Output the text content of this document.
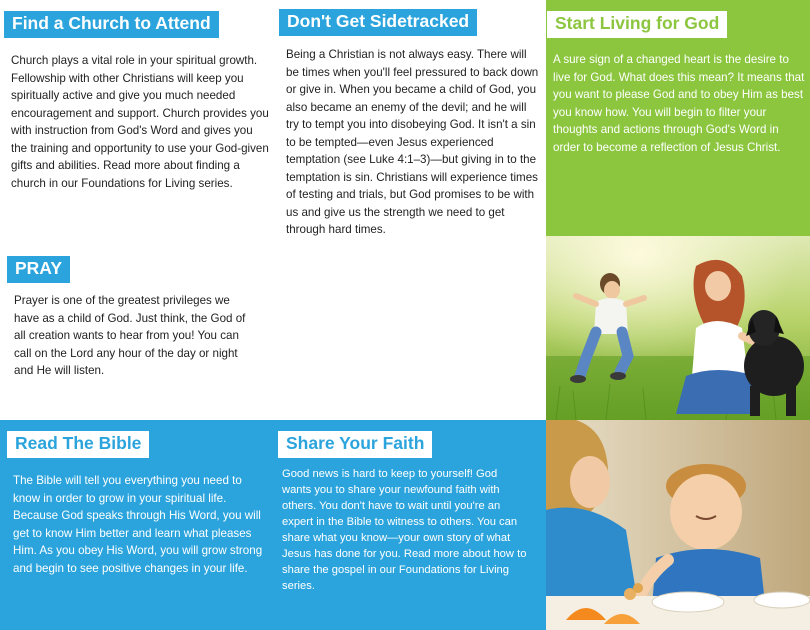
Find a Church to Attend
Church plays a vital role in your spiritual growth. Fellowship with other Christians will keep you spiritually active and give you much needed encouragement and support. Church provides you with instruction from God's Word and gives you the training and opportunity to use your God-given gifts and abilities. Read more about finding a church in our Foundations for Living series.
PRAY
Prayer is one of the greatest privileges we have as a child of God. Just think, the God of all creation wants to hear from you! You can call on the Lord any hour of the day or night and He will listen.
Don't Get Sidetracked
Being a Christian is not always easy. There will be times when you'll feel pressured to back down or give in. When you became a child of God, you also became an enemy of the devil; and he will try to tempt you into disobeying God. It isn't a sin to be tempted—even Jesus experienced temptation (see Luke 4:1–3)—but giving in to the temptation is sin. Christians will experience times of testing and trials, but God promises to be with us and give us the strength we need to get through hard times.
Start Living for God
A sure sign of a changed heart is the desire to live for God. What does this mean? It means that you want to please God and to obey Him as best you know how. You will begin to filter your thoughts and actions through God's Word in order to become a reflection of Jesus Christ.
Read The Bible
The Bible will tell you everything you need to know in order to grow in your spiritual life. Because God speaks through His Word, you will get to know Him better and learn what pleases Him. As you obey His Word, you will grow strong and begin to see positive changes in your life.
Share Your Faith
Good news is hard to keep to yourself! God wants you to share your newfound faith with others. You don't have to wait until you're an expert in the Bible to witness to others. You can share what you know—your own story of what Jesus has done for you. Read more about how to share the gospel in our Foundations for Living series.
